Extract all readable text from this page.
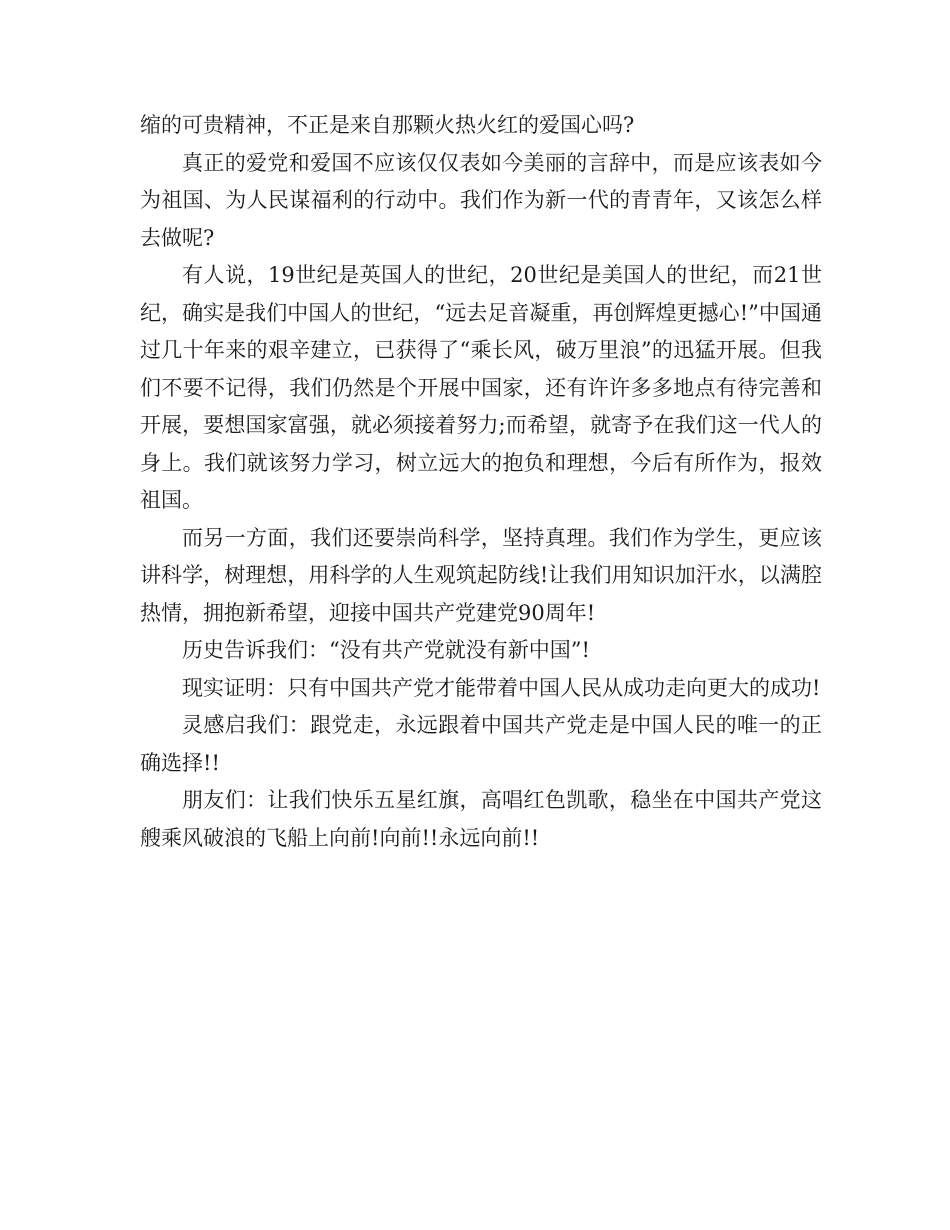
缩的可贵精神，不正是来自那颗火热火红的爱国心吗?

真正的爱党和爱国不应该仅仅表如今美丽的言辞中，而是应该表如今为祖国、为人民谋福利的行动中。我们作为新一代的青青年，又该怎么样去做呢?

有人说，19世纪是英国人的世纪，20世纪是美国人的世纪，而21世纪，确实是我们中国人的世纪，“远去足音凝重，再创辉煌更撼心!”中国通过几十年来的艰辛建立，已获得了“乘长风，破万里浪”的迅猛开展。但我们不要不记得，我们仍然是个开展中国家，还有许许多多地点有待完善和开展，要想国家富强，就必须接着努力;而希望，就寄予在我们这一代人的身上。我们就该努力学习，树立远大的抱负和理想，今后有所作为，报效祖国。

而另一方面，我们还要崇尚科学，坚持真理。我们作为学生，更应该讲科学，树理想，用科学的人生观筑起防线!让我们用知识加汗水，以满腔热情，拥抱新希望，迎接中国共产党建党90周年!

历史告诉我们：“没有共产党就没有新中国”!

现实证明：只有中国共产党才能带着中国人民从成功走向更大的成功!

灵感启我们：跟党走，永远跟着中国共产党走是中国人民的唯一的正确选择!!

朋友们：让我们快乐五星红旗，高唱红色凯歌，稳坐在中国共产党这艘乘风破浪的飞船上向前!向前!!永远向前!!
